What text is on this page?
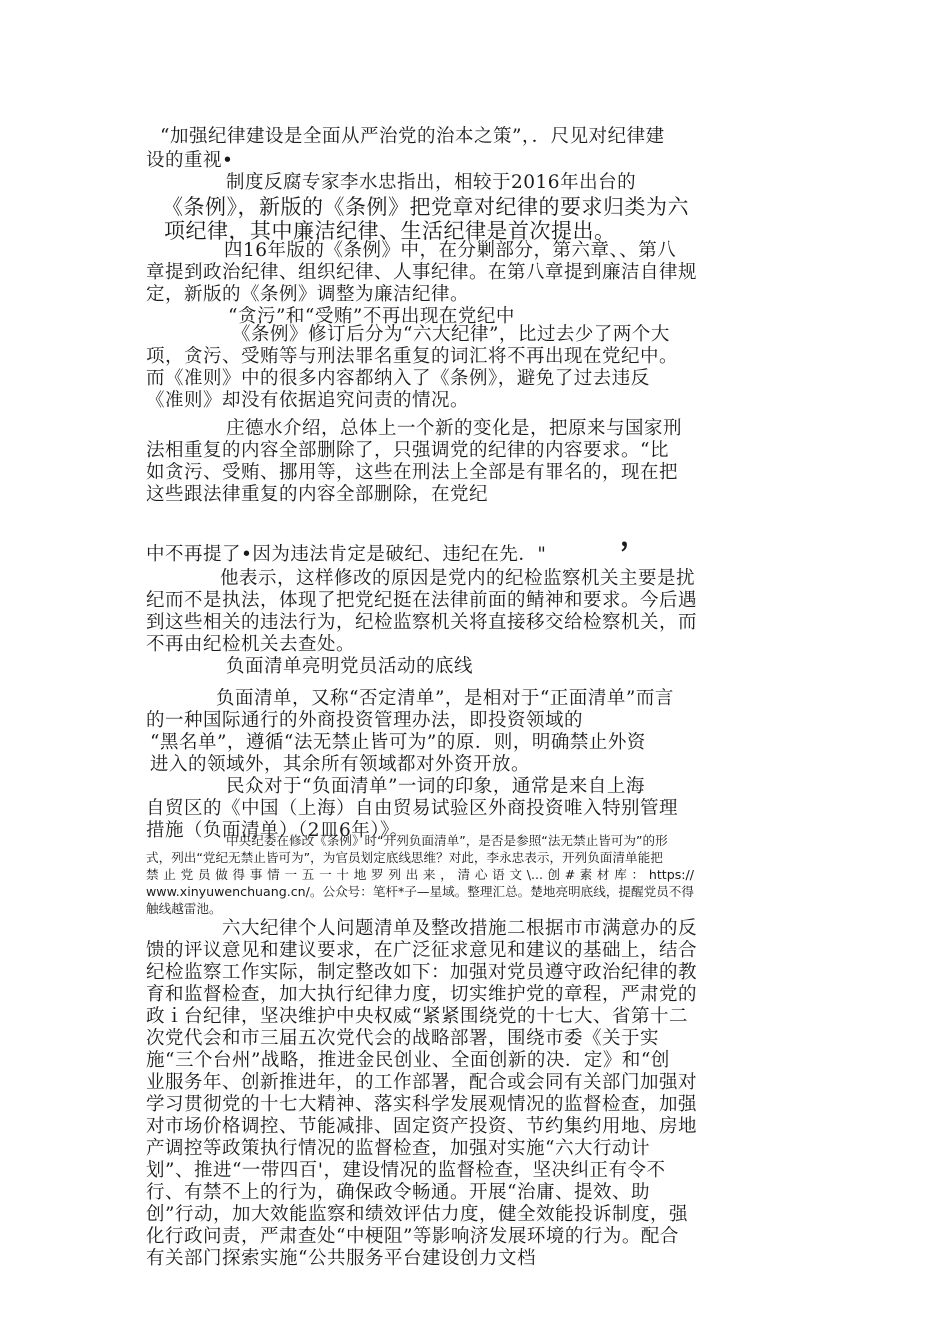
“加强纪律建设是全面从严治党的治本之策”，．尺见对纪律建
设的重视•
制度反腐专家李水忠指出，相较于2016年出台的
《条例》，新版的《条例》把党章对纪律的要求归类为六
项纪律，其中廉洁纪律、生活纪律是首次提出。
四16年版的《条例》中，在分剿部分，第六章、、第八
章提到政治纪律、组织纪律、人事纪律。在第八章提到廉洁自律规
定，新版的《条例》调整为廉洁纪律。
“贪污”和“受贿”不再出现在党纪中
《条例》修订后分为“六大纪律”，比过去少了两个大
项，贪污、受贿等与刑法罪名重复的词汇将不再出现在党纪中。
而《准则》中的很多内容都纳入了《条例》，避免了过去违反
《准则》却没有依据追究问责的情况。
庄德水介绍，总体上一个新的变化是，把原来与国家刑
法相重复的内容全部删除了，只强调党的纪律的内容要求。“比
如贪污、受贿、挪用等，这些在刑法上全部是有罪名的，现在把
这些跟法律重复的内容全部删除，在党纪
，
中不再提了•因为违法肯定是破纪、违纪在先．"
他表示，这样修改的原因是党内的纪检监察机关主要是扰
纪而不是执法，体现了把党纪挺在法律前面的鲭神和要求。今后遇
到这些相关的违法行为，纪检监察机关将直接移交给检察机关，而
不再由纪检机关去查处。
负面清单亮明党员活动的底线
负面清单，又称“否定清单”，是相对于“正面清单”而言
的一种国际通行的外商投资管理办法，即投资领域的
“黑名单”，遵循“法无禁止皆可为”的原．则，明确禁止外资
进入的领域外，其余所有领域都对外资开放。
民众对于“负面清单”一词的印象，通常是来自上海
自贸区的《中国（上海）自由贸易试验区外商投资唯入特别管理
措施（负面清单）（2皿6年）》。
中央纪委在修改《条例》时“开列负面清单”，是否是参照“法无禁止皆可为”的形
式，列出“党纪无禁止皆可为”，为官员划定底线思维？对此，李永忠表示，开列负面清单能把
禁 止 党 员 做 得 事 情 一 五 一 十 地 罗 列 出 来 ， 清 心 语 文 \... 创 # 素 材 库 ： https://
www.xinyuwenchuang.cn/。公众号：笔杆*子—星域。整理汇总。楚地亮明底线，提醒党员不得
触线越雷池。
六大纪律个人问题清单及整改措施二根据市市满意办的反
馈的评议意见和建议要求，在广泛征求意见和建议的基础上，结合
纪检监察工作实际，制定整改如下：加强对党员遵守政治纪律的教
育和监督检查，加大执行纪律力度，切实维护党的章程，严肃党的
政ｉ台纪律，坚决维护中央权威“紧紧围绕党的十七大、省第十二
次党代会和市三届五次党代会的战略部署，围绕市委《关于实
施“三个台州”战略，推进金民创业、全面创新的决．定》和“创
业服务年、创新推进年，的工作部署，配合或会同有关部门加强对
学习贯彻党的十七大精神、落实科学发展观情况的监督检查，加强
对市场价格调控、节能减排、固定资产投资、节约集约用地、房地
产调控等政策执行情况的监督检查，加强对实施“六大行动计
划”、推进“一带四百'，建设情况的监督检查，坚决纠正有令不
行、有禁不上的行为，确保政令畅通。开展“治庸、提效、助
创”行动，加大效能监察和绩效评估力度，健全效能投诉制度，强
化行政问责，严肃查处“中梗阻”等影响济发展环境的行为。配合
有关部门探索实施“公共服务平台建设创力文档
